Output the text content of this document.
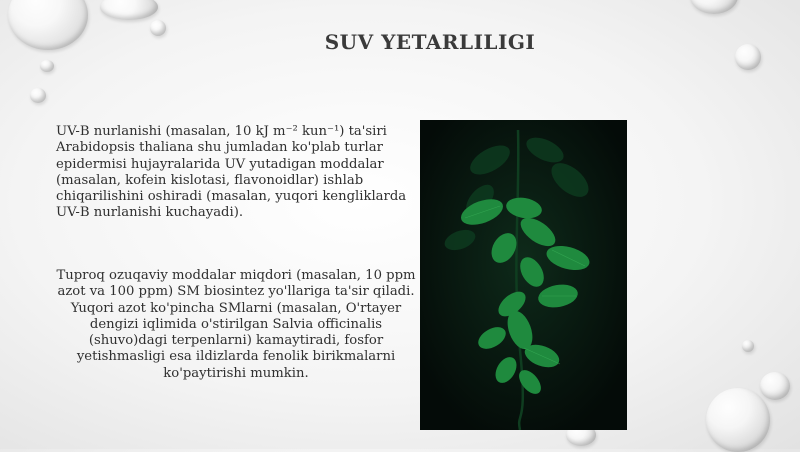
SUV YETARLILIGI
UV-B nurlanishi (masalan, 10 kJ m⁻² kun⁻¹) ta'siri Arabidopsis thaliana shu jumladan ko'plab turlar epidermisi hujayralarida UV yutadigan moddalar (masalan, kofein kislotasi, flavonoidlar) ishlab chiqarilishini oshiradi (masalan, yuqori kengliklarda UV-B nurlanishi kuchayadi).
Tuproq ozuqaviy moddalar miqdori (masalan, 10 ppm azot va 100 ppm) SM biosintez yo'llariga ta'sir qiladi. Yuqori azot ko'pincha SMlarni (masalan, O'rtayer dengizi iqlimida o'stirilgan Salvia officinalis (shuvo)dagi terpenlarni) kamaytiradi, fosfor yetishmasligi esa ildizlarda fenolik birikmalarni ko'paytirishi mumkin.
